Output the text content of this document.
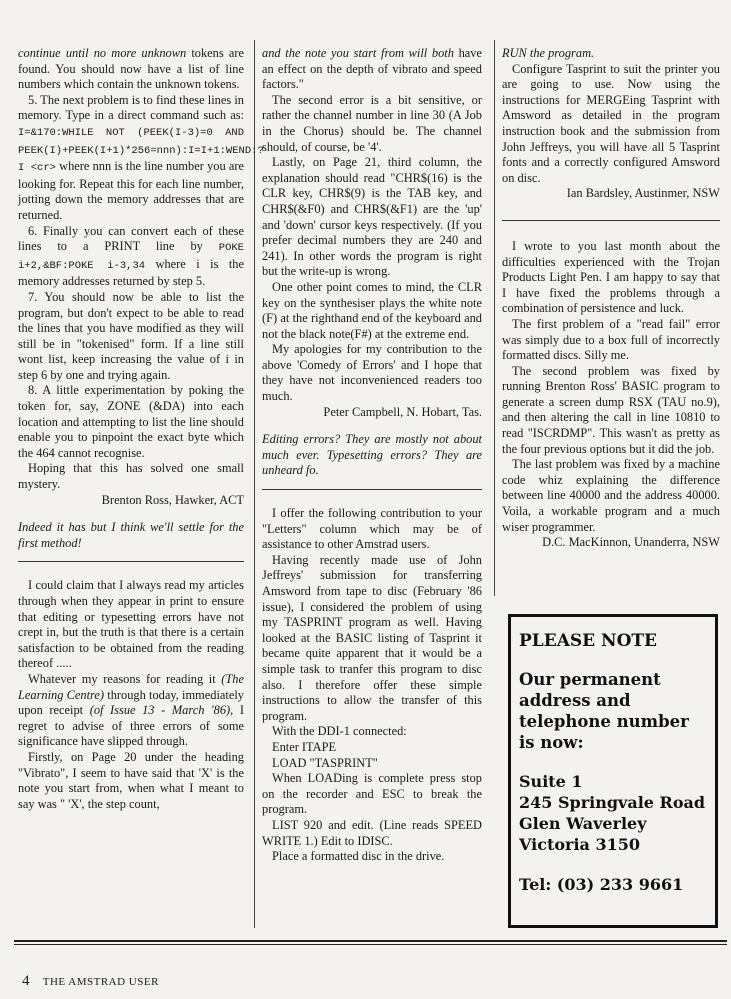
continue until no more unknown tokens are found. You should now have a list of line numbers which contain the unknown tokens.

5. The next problem is to find these lines in memory. Type in a direct command such as: I=&170:WHILE NOT (PEEK(I-3)=0 AND PEEK(I)+PEEK(I+1)*256=nnn):I=I+1:WEND:?I <cr> where nnn is the line number you are looking for. Repeat this for each line number, jotting down the memory addresses that are returned.

6. Finally you can convert each of these lines to a PRINT line by POKE i+2,&BF:POKE i-3,34 where i is the memory addresses returned by step 5.

7. You should now be able to list the program, but don't expect to be able to read the lines that you have modified as they will still be in "tokenised" form. If a line still wont list, keep increasing the value of i in step 6 by one and trying again.

8. A little experimentation by poking the token for, say, ZONE (&DA) into each location and attempting to list the line should enable you to pinpoint the exact byte which the 464 cannot recognise.

Hoping that this has solved one small mystery.

Brenton Ross, Hawker, ACT

Indeed it has but I think we'll settle for the first method!

I could claim that I always read my articles through when they appear in print to ensure that editing or typesetting errors have not crept in, but the truth is that there is a certain satisfaction to be obtained from the reading thereof .....

Whatever my reasons for reading it (The Learning Centre) through today, immediately upon receipt (of Issue 13 - March '86), I regret to advise of three errors of some significance have slipped through.

Firstly, on Page 20 under the heading "Vibrato", I seem to have said that 'X' is the note you start from, when what I meant to say was " 'X', the step count,

and the note you start from will both have an effect on the depth of vibrato and speed factors."

The second error is a bit sensitive, or rather the channel number in line 30 (A Job in the Chorus) should be. The channel should, of course, be '4'.

Lastly, on Page 21, third column, the explanation should read "CHR$(16) is the CLR key, CHR$(9) is the TAB key, and CHR$(&F0) and CHR$(&F1) are the 'up' and 'down' cursor keys respectively. (If you prefer decimal numbers they are 240 and 241). In other words the program is right but the write-up is wrong.

One other point comes to mind, the CLR key on the synthesiser plays the white note (F) at the righthand end of the keyboard and not the black note(F#) at the extreme end.

My apologies for my contribution to the above 'Comedy of Errors' and I hope that they have not inconvenienced readers too much.

Peter Campbell, N. Hobart, Tas.

Editing errors? They are mostly not about much ever. Typesetting errors? They are unheard fo.

I offer the following contribution to your "Letters" column which may be of assistance to other Amstrad users.

Having recently made use of John Jeffreys' submission for transferring Amsword from tape to disc (February '86 issue), I considered the problem of using my TASPRINT program as well. Having looked at the BASIC listing of Tasprint it became quite apparent that it would be a simple task to tranfer this program to disc also. I therefore offer these simple instructions to allow the transfer of this program.

With the DDI-1 connected:

Enter ITAPE

LOAD "TASPRINT"

When LOADing is complete press stop on the recorder and ESC to break the program.

LIST 920 and edit. (Line reads SPEED WRITE 1.) Edit to IDISC.

Place a formatted disc in the drive.

RUN the program.

Configure Tasprint to suit the printer you are going to use. Now using the instructions for MERGEing Tasprint with Amsword as detailed in the program instruction book and the submission from John Jeffreys, you will have all 5 Tasprint fonts and a correctly configured Amsword on disc.

Ian Bardsley, Austinmer, NSW

I wrote to you last month about the difficulties experienced with the Trojan Products Light Pen. I am happy to say that I have fixed the problems through a combination of persistence and luck.

The first problem of a "read fail" error was simply due to a box full of incorrectly formatted discs. Silly me.

The second problem was fixed by running Brenton Ross' BASIC program to generate a screen dump RSX (TAU no.9), and then altering the call in line 10810 to read "ISCRDMP". This wasn't as pretty as the four previous options but it did the job.

The last problem was fixed by a machine code whiz explaining the difference between line 40000 and the address 40000. Voila, a workable program and a much wiser programmer.

D.C. MacKinnon, Unanderra, NSW

PLEASE NOTE
Our permanent address and telephone number is now:
Suite 1
245 Springvale Road
Glen Waverley
Victoria 3150
Tel: (03) 233 9661
4 THE AMSTRAD USER
